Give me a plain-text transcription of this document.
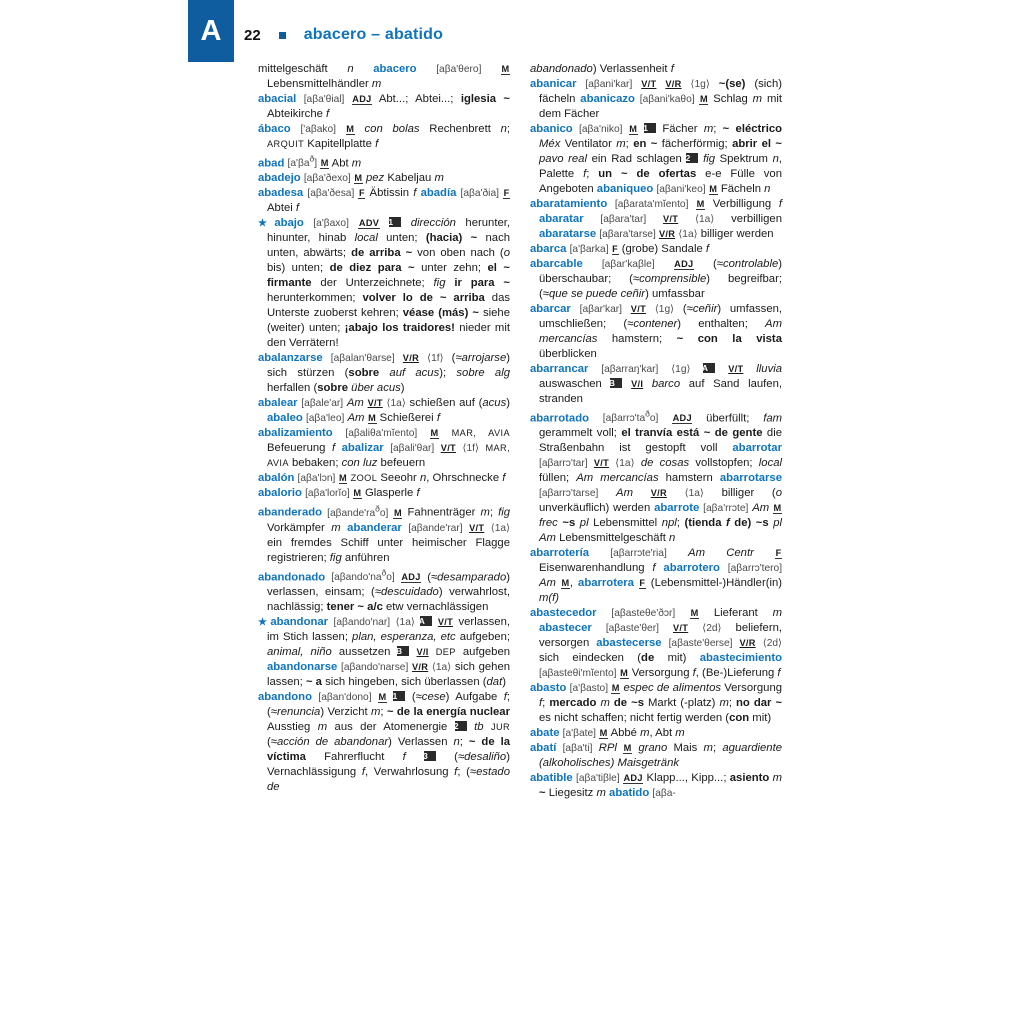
A	22	abacero – abatido

mittelgeschäft n abacero [aβa'θero] M Lebensmittelhändler m

abacial [aβa'θial] ADJ Abt...; Abtei...; iglesia ~ Abteikirche f

ábaco ['aβako] M con bolas Rechenbrett n; ARQUIT Kapitellplatte f

abad $[a'\beta a^ð]$ M Abt m

abadejo [aβa'ðexo] M pez Kabeljau m

abadesa [aβa'ðesa] F Äbtissin f abadía [aβa'ðia] F Abtei f

★abajo [a'βaxo] ADV 1 dirección herunter, hinunter, hinab local unten; (hacia) ~ nach unten, abwärts; de arriba ~ von oben nach (o bis) unten; de diez para ~ unter zehn; el ~ firmante der Unterzeichnete; fig ir para ~ herunterkommen; volver lo de ~ arriba das Unterste zuoberst kehren; véase (más) ~ siehe (weiter) unten; ¡abajo los traidores! nieder mit den Verrätern!

abalanzarse [aβalan'θarse] V/R ⟨1f⟩ (≈arrojarse) sich stürzen (sobre auf acus); sobre alg herfallen (sobre über acus)

abalear [aβale'ar] Am V/T ⟨1a⟩ schießen auf (acus) abaleo [aβa'leo] Am M Schießerei f

abalizamiento [aβaliθa'mĭento] M MAR, AVIA Befeuerung f abalizar [aβali'θar] V/T ⟨1f⟩ MAR, AVIA bebaken; con luz befeuern

abalón [aβa'lɔn] M ZOOL Seeohr n, Ohrschnecke f

abalorio [aβa'lorĭo] M Glasperle f

abanderado $[a\beta ande'ra^ðo]$ M Fahnenträger m; fig Vorkämpfer m abanderar [aβande'rar] V/T ⟨1a⟩ ein fremdes Schiff unter heimischer Flagge registrieren; fig anführen

abandonado $[a\beta ando'na^ðo]$ ADJ (≈desamparado) verlassen, einsam; (≈descuidado) verwahrlost, nachlässig; tener ~ a/c etw vernachlässigen

★abandonar [aβando'nar] ⟨1a⟩ A V/T verlassen, im Stich lassen; plan, esperanza, etc aufgeben; animal, niño aussetzen B V/I DEP aufgeben abandonarse [aβando'narse] V/R ⟨1a⟩ sich gehen lassen; ~ a sich hingeben, sich überlassen (dat)

abandono [aβan'dono] M 1 (≈cese) Aufgabe f; (≈renuncia) Verzicht m; ~ de la energía nuclear Ausstieg m aus der Atomenergie 2 tb JUR (≈acción de abandonar) Verlassen n; ~ de la víctima Fahrerflucht f 3 (≈desaliño) Vernachlässigung f, Verwahrlosung f; (≈estado de

abandonado) Verlassenheit f

abanicar [aβani'kar] V/T V/R ⟨1g⟩ ~(se) (sich) fächeln abanicazo [aβani'kaθo] M Schlag m mit dem Fächer

abanico [aβa'niko] M 1 Fächer m; ~ eléctrico Méx Ventilator m; en ~ fächerförmig; abrir el ~ pavo real ein Rad schlagen 2 fig Spektrum n, Palette f; un ~ de ofertas e-e Fülle von Angeboten abaniqueo [aβani'keo] M Fächeln n

abaratamiento [aβarata'mĭento] M Verbilligung f abaratar [aβara'tar] V/T ⟨1a⟩ verbilligen abaratarse [aβara'tarse] V/R ⟨1a⟩ billiger werden

abarca [a'βarka] F (grobe) Sandale f

abarcable [aβar'kaβle] ADJ (≈controlable) überschaubar; (≈comprensible) begreifbar; (≈que se puede ceñir) umfassbar

abarcar [aβar'kar] V/T ⟨1g⟩ (≈ceñir) umfassen, umschließen; (≈contener) enthalten; Am mercancías hamstern; ~ con la vista überblicken

abarrancar [aβarraŋ'kar] ⟨1g⟩ A V/T lluvia auswaschen B V/I barco auf Sand laufen, stranden

abarrotado $[a\beta arrɔ'ta^ðo]$ ADJ überfüllt; fam gerammelt voll; el tranvía está ~ de gente die Straßenbahn ist gestopft voll abarrotar [aβarrɔ'tar] V/T ⟨1a⟩ de cosas vollstopfen; local füllen; Am mercancías hamstern abarrotarse [aβarrɔ'tarse] Am V/R ⟨1a⟩ billiger (o unverkäuflich) werden abarrote [aβa'rrɔte] Am M frec ~s pl Lebensmittel npl; (tienda f de) ~s pl Am Lebensmittelgeschäft n

abarrotería [aβarrɔte'ria] Am Centr F Eisenwarenhandlung f abarrotero [aβarrɔ'tero] Am M, abarrotera F (Lebensmittel-)Händler(in) m(f)

abastecedor [aβasteθe'ðɔr] M Lieferant m abastecer [aβaste'θer] V/T ⟨2d⟩ beliefern, versorgen abastecerse [aβaste'θerse] V/R ⟨2d⟩ sich eindecken (de mit) abastecimiento [aβasteθi'mĭento] M Versorgung f, (Be-)Lieferung f

abasto [a'βasto] M espec de alimentos Versorgung f; mercado m de ~s Markt (-platz) m; no dar ~ es nicht schaffen; nicht fertig werden (con mit)

abate [a'βate] M Abbé m, Abt m

abatí [aβa'ti] RPl M grano Mais m; aguardiente (alkoholisches) Maisgetränk

abatible [aβa'tiβle] ADJ Klapp..., Kipp...; asiento m ~ Liegesitz m abatido [aβa-
